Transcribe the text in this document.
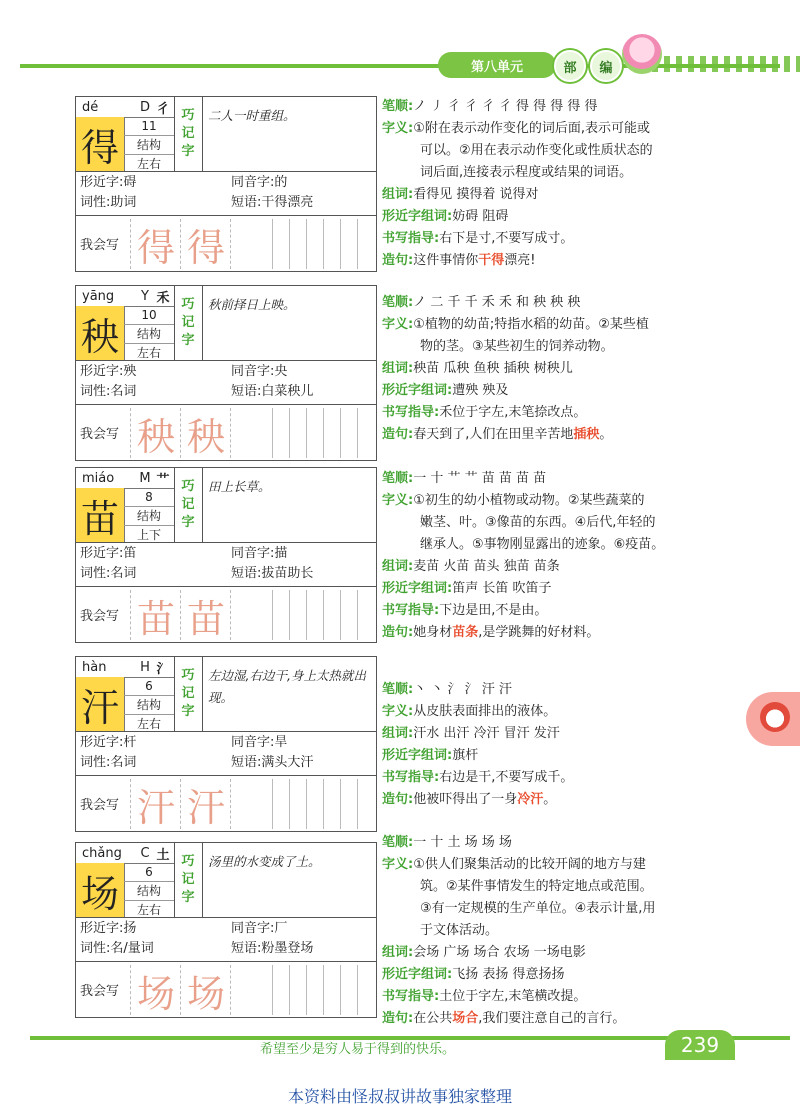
第八单元	部	编
dé	D 彳
得	11
结构
左右
巧
记
字
二人一时重组。
形近字:碍	同音字:的
词性:助词	短语:干得漂亮
我会写 得 得
笔顺:ノ ㇓ 彳 彳 彳 彳 得 得 得 得 得
字义:①附在表示动作变化的词后面,表示可能或
可以。②用在表示动作变化或性质状态的
词后面,连接表示程度或结果的词语。
组词:看得见 摸得着 说得对
形近字组词:妨碍 阻碍
书写指导:右下是寸,不要写成寸。
造句:这件事情你干得漂亮!
yāng	Y 禾
秧	10
结构
左右
巧
记
字
秋前择日上映。
形近字:殃	同音字:央
词性:名词	短语:白菜秧儿
我会写 秧 秧
笔顺:ノ 二 千 千 禾 禾 和 秧 秧 秧
字义:①植物的幼苗;特指水稻的幼苗。②某些植
物的茎。③某些初生的饲养动物。
组词:秧苗 瓜秧 鱼秧 插秧 树秧儿
形近字组词:遭殃 殃及
书写指导:禾位于字左,末笔捺改点。
造句:春天到了,人们在田里辛苦地插秧。
miáo	M 艹
苗	8
结构
上下
巧
记
字
田上长草。
形近字:笛	同音字:描
词性:名词	短语:拔苗助长
我会写 苗 苗
笔顺:一 十 艹 艹 苗 苗 苗 苗
字义:①初生的幼小植物或动物。②某些蔬菜的
嫩茎、叶。③像苗的东西。④后代,年轻的
继承人。⑤事物刚显露出的迹象。⑥疫苗。
组词:麦苗 火苗 苗头 独苗 苗条
形近字组词:笛声 长笛 吹笛子
书写指导:下边是田,不是由。
造句:她身材苗条,是学跳舞的好材料。
hàn	H 氵
汗	6
结构
左右
巧
记
字
左边湿,右边干,身上太热就出现。
形近字:杆	同音字:旱
词性:名词	短语:满头大汗
我会写 汗 汗
笔顺:丶 丶 氵 氵 汗 汗
字义:从皮肤表面排出的液体。
组词:汗水 出汗 冷汗 冒汗 发汗
形近字组词:旗杆
书写指导:右边是干,不要写成千。
造句:他被吓得出了一身冷汗。
chǎng	C 土
场	6
结构
左右
巧
记
字
汤里的水变成了土。
形近字:扬	同音字:厂
词性:名/量词	短语:粉墨登场
我会写 场 场
笔顺:一 十 土 场 场 场
字义:①供人们聚集活动的比较开阔的地方与建
筑。②某件事情发生的特定地点或范围。
③有一定规模的生产单位。④表示计量,用
于文体活动。
组词:会场 广场 场合 农场 一场电影
形近字组词:飞扬 表扬 得意扬扬
书写指导:土位于字左,末笔横改提。
造句:在公共场合,我们要注意自己的言行。
希望至少是穷人易于得到的快乐。	239
本资料由怪叔叔讲故事独家整理
